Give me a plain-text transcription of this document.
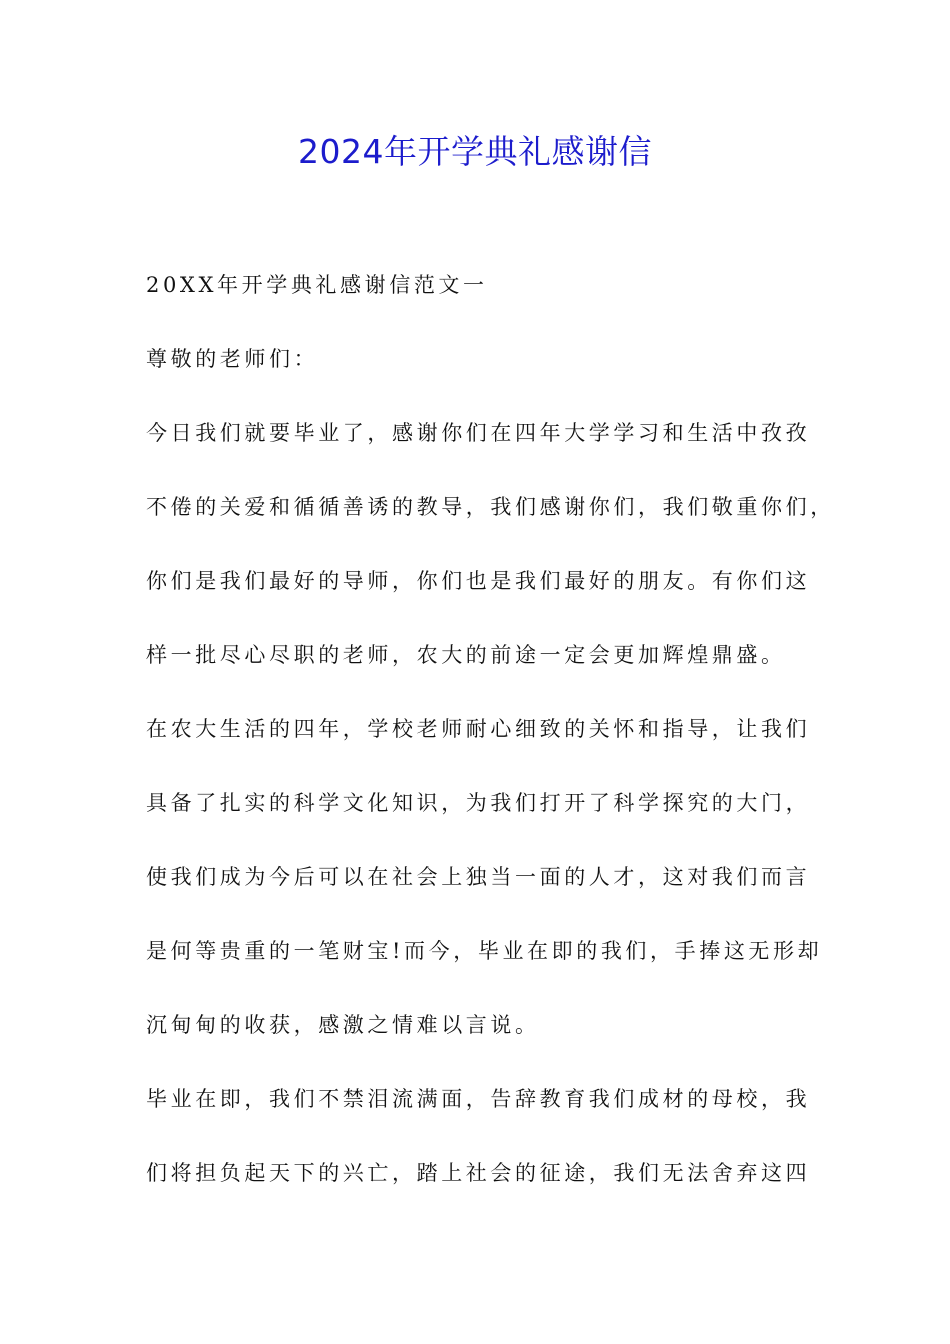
2024年开学典礼感谢信
20XX年开学典礼感谢信范文一
尊敬的老师们：
今日我们就要毕业了，感谢你们在四年大学学习和生活中孜孜
不倦的关爱和循循善诱的教导，我们感谢你们，我们敬重你们，
你们是我们最好的导师，你们也是我们最好的朋友。有你们这
样一批尽心尽职的老师，农大的前途一定会更加辉煌鼎盛。
在农大生活的四年，学校老师耐心细致的关怀和指导，让我们
具备了扎实的科学文化知识，为我们打开了科学探究的大门，
使我们成为今后可以在社会上独当一面的人才，这对我们而言
是何等贵重的一笔财宝!而今，毕业在即的我们，手捧这无形却
沉甸甸的收获，感激之情难以言说。
毕业在即，我们不禁泪流满面，告辞教育我们成材的母校，我
们将担负起天下的兴亡，踏上社会的征途，我们无法舍弃这四
